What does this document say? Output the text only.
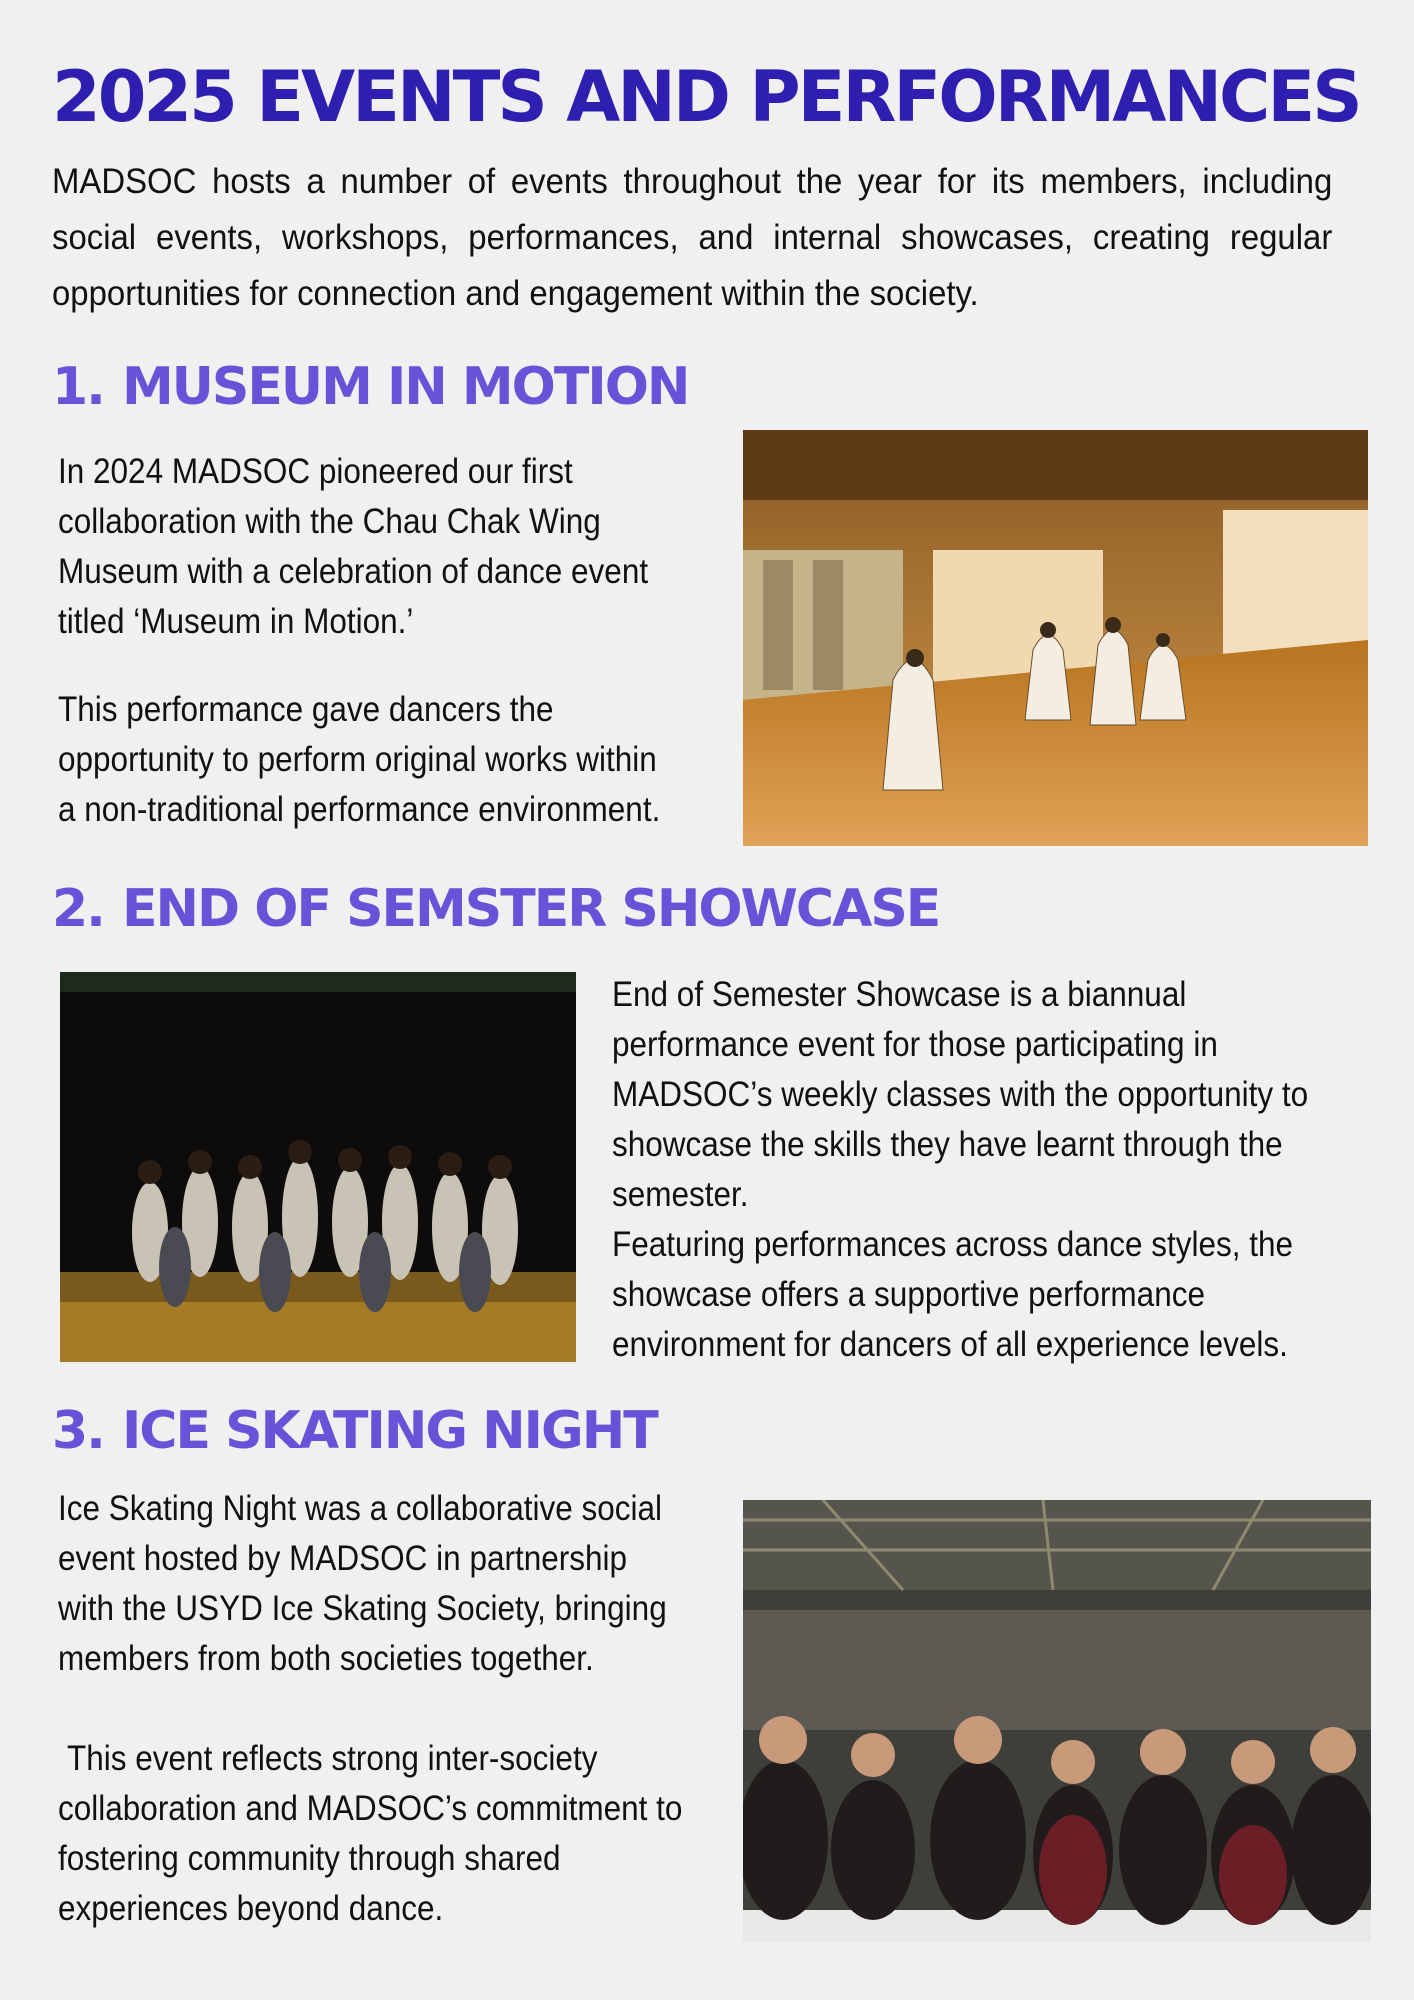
2025 EVENTS AND PERFORMANCES

MADSOC hosts a number of events throughout the year for its members, including social events, workshops, performances, and internal showcases, creating regular opportunities for connection and engagement within the society.

1. MUSEUM IN MOTION

In 2024 MADSOC pioneered our first collaboration with the Chau Chak Wing Museum with a celebration of dance event titled ‘Museum in Motion.’

This performance gave dancers the opportunity to perform original works within a non-traditional performance environment.

2. END OF SEMSTER SHOWCASE

End of Semester Showcase is a biannual performance event for those participating in MADSOC’s weekly classes with the opportunity to showcase the skills they have learnt through the semester.

Featuring performances across dance styles, the showcase offers a supportive performance environment for dancers of all experience levels.

3. ICE SKATING NIGHT

Ice Skating Night was a collaborative social event hosted by MADSOC in partnership with the USYD Ice Skating Society, bringing members from both societies together.

This event reflects strong inter-society collaboration and MADSOC’s commitment to fostering community through shared experiences beyond dance.
